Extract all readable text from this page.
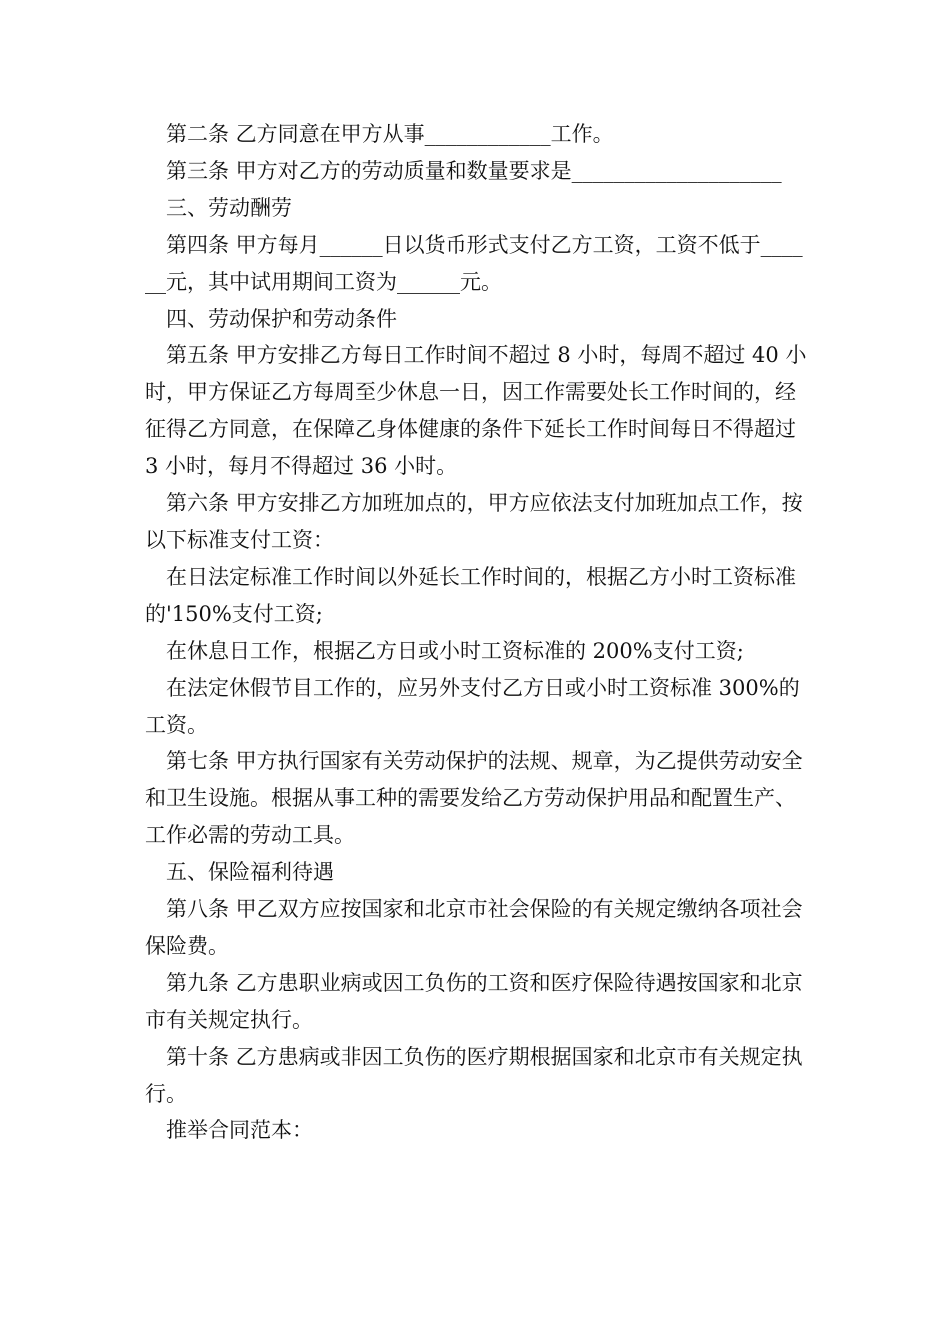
第二条 乙方同意在甲方从事____________工作。

第三条 甲方对乙方的劳动质量和数量要求是____________________

三、劳动酬劳

第四条 甲方每月______日以货币形式支付乙方工资，工资不低于______元，其中试用期间工资为______元。

四、劳动保护和劳动条件

第五条 甲方安排乙方每日工作时间不超过 8 小时，每周不超过 40 小时，甲方保证乙方每周至少休息一日，因工作需要处长工作时间的，经征得乙方同意，在保障乙身体健康的条件下延长工作时间每日不得超过 3 小时，每月不得超过 36 小时。

第六条 甲方安排乙方加班加点的，甲方应依法支付加班加点工作，按以下标准支付工资：

在日法定标准工作时间以外延长工作时间的，根据乙方小时工资标准的'150%支付工资;

在休息日工作，根据乙方日或小时工资标准的 200%支付工资;

在法定休假节目工作的，应另外支付乙方日或小时工资标准 300%的工资。

第七条 甲方执行国家有关劳动保护的法规、规章，为乙提供劳动安全和卫生设施。根据从事工种的需要发给乙方劳动保护用品和配置生产、工作必需的劳动工具。

五、保险福利待遇

第八条 甲乙双方应按国家和北京市社会保险的有关规定缴纳各项社会保险费。

第九条 乙方患职业病或因工负伤的工资和医疗保险待遇按国家和北京市有关规定执行。

第十条 乙方患病或非因工负伤的医疗期根据国家和北京市有关规定执行。

推举合同范本：
